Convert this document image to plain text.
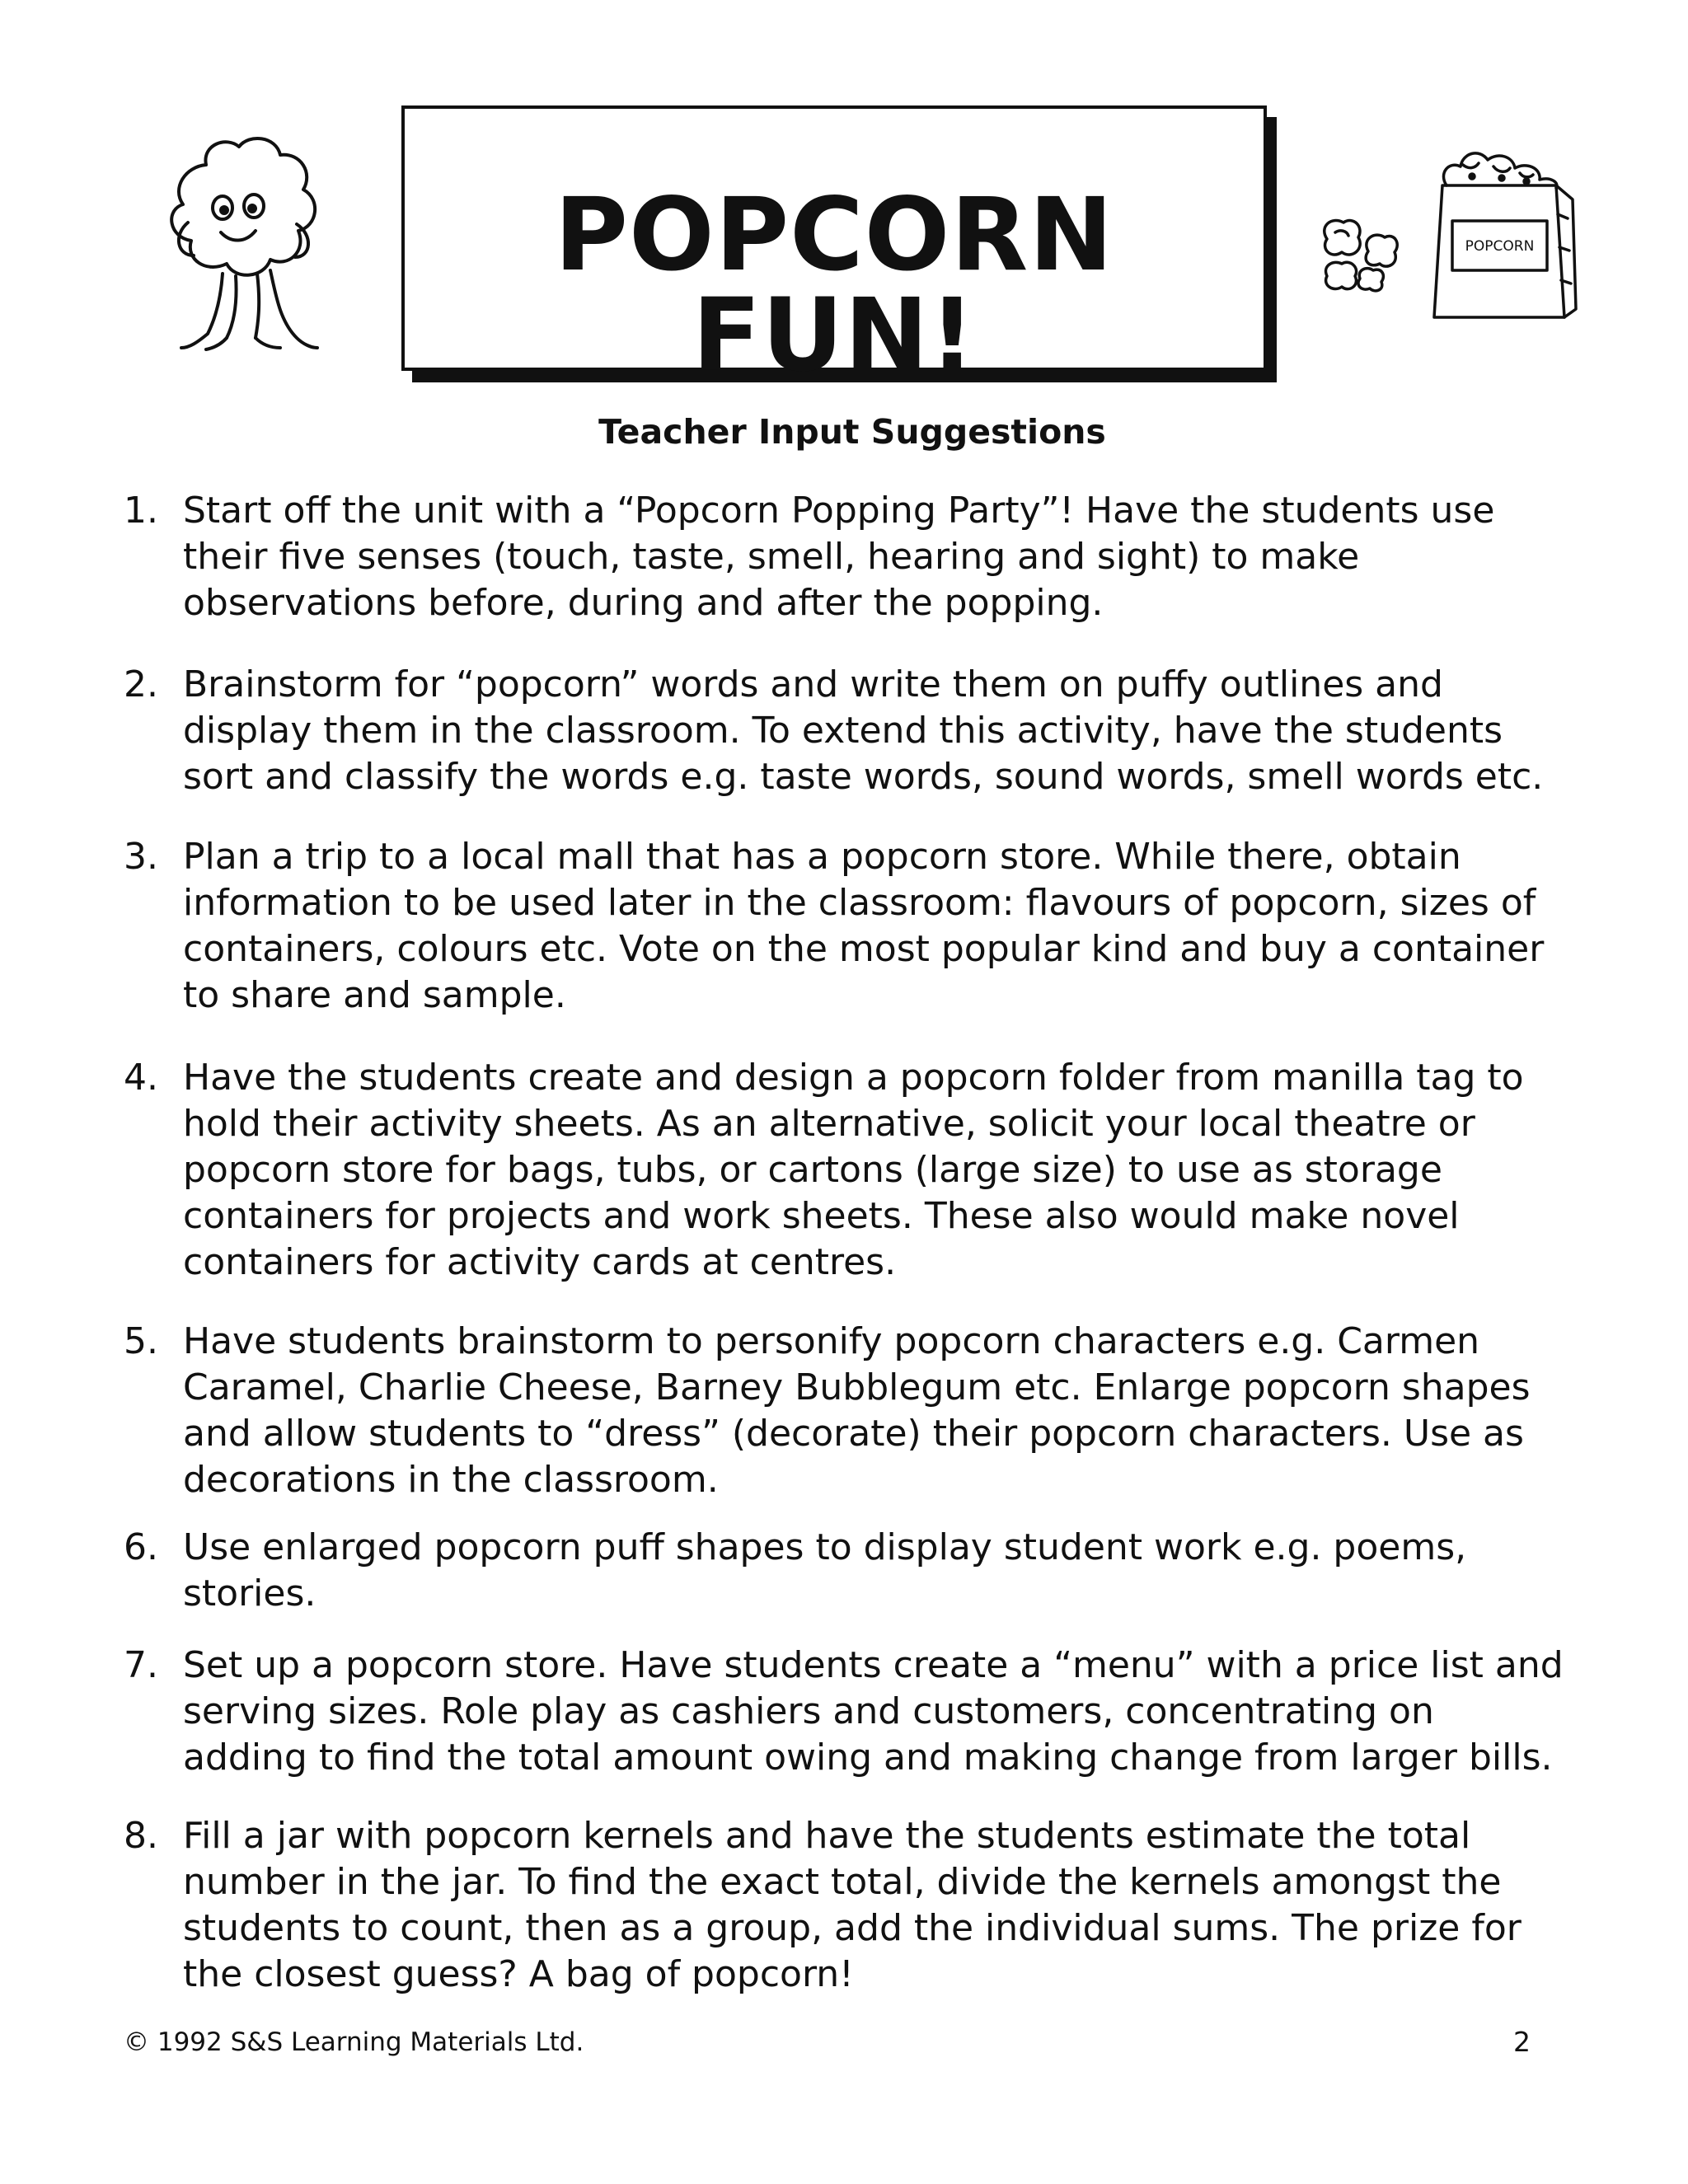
POPCORN FUN!
POPCORN
Teacher Input Suggestions
1. Start off the unit with a “Popcorn Popping Party”! Have the students use their five senses (touch, taste, smell, hearing and sight) to make observations before, during and after the popping.
2. Brainstorm for “popcorn” words and write them on puffy outlines and display them in the classroom. To extend this activity, have the students sort and classify the words e.g. taste words, sound words, smell words etc.
3. Plan a trip to a local mall that has a popcorn store. While there, obtain information to be used later in the classroom: flavours of popcorn, sizes of containers, colours etc. Vote on the most popular kind and buy a container to share and sample.
4. Have the students create and design a popcorn folder from manilla tag to hold their activity sheets. As an alternative, solicit your local theatre or popcorn store for bags, tubs, or cartons (large size) to use as storage containers for projects and work sheets. These also would make novel containers for activity cards at centres.
5. Have students brainstorm to personify popcorn characters e.g. Carmen Caramel, Charlie Cheese, Barney Bubblegum etc. Enlarge popcorn shapes and allow students to “dress” (decorate) their popcorn characters. Use as decorations in the classroom.
6. Use enlarged popcorn puff shapes to display student work e.g. poems, stories.
7. Set up a popcorn store. Have students create a “menu” with a price list and serving sizes. Role play as cashiers and customers, concentrating on adding to find the total amount owing and making change from larger bills.
8. Fill a jar with popcorn kernels and have the students estimate the total number in the jar. To find the exact total, divide the kernels amongst the students to count, then as a group, add the individual sums. The prize for the closest guess? A bag of popcorn!
© 1992 S&S Learning Materials Ltd.	2
